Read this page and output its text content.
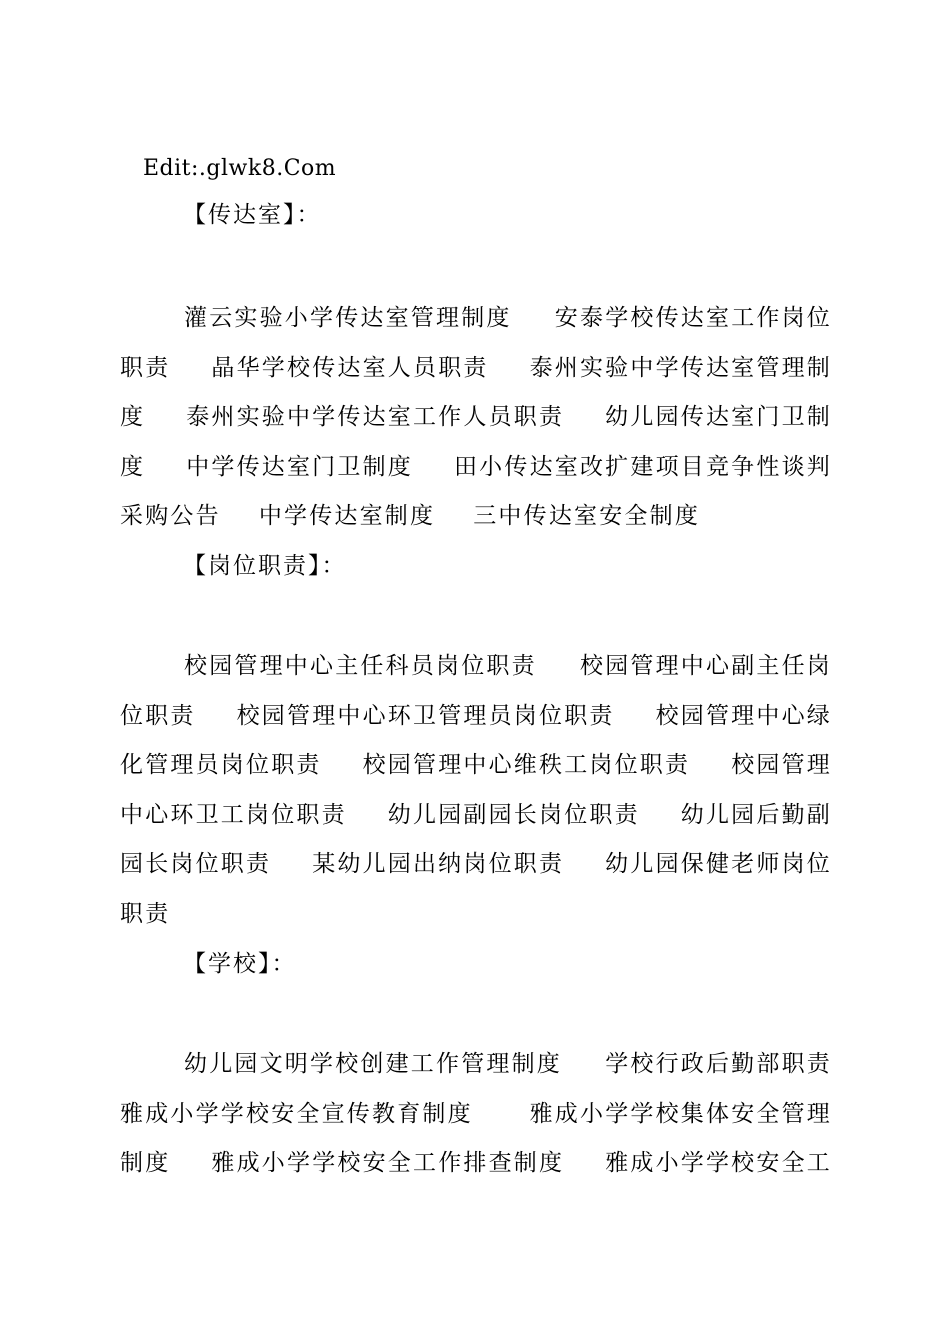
Edit:.glwk8.Com
【传达室】：
灌云实验小学传达室管理制度 安泰学校传达室工作岗位
职责 晶华学校传达室人员职责 泰州实验中学传达室管理制
度 泰州实验中学传达室工作人员职责 幼儿园传达室门卫制
度 中学传达室门卫制度 田小传达室改扩建项目竞争性谈判
采购公告 中学传达室制度 三中传达室安全制度
【岗位职责】：
校园管理中心主任科员岗位职责 校园管理中心副主任岗
位职责 校园管理中心环卫管理员岗位职责 校园管理中心绿
化管理员岗位职责 校园管理中心维秩工岗位职责 校园管理
中心环卫工岗位职责 幼儿园副园长岗位职责 幼儿园后勤副
园长岗位职责 某幼儿园出纳岗位职责 幼儿园保健老师岗位
职责
【学校】：
幼儿园文明学校创建工作管理制度 学校行政后勤部职责
雅成小学学校安全宣传教育制度 雅成小学学校集体安全管理
制度 雅成小学学校安全工作排查制度 雅成小学学校安全工
